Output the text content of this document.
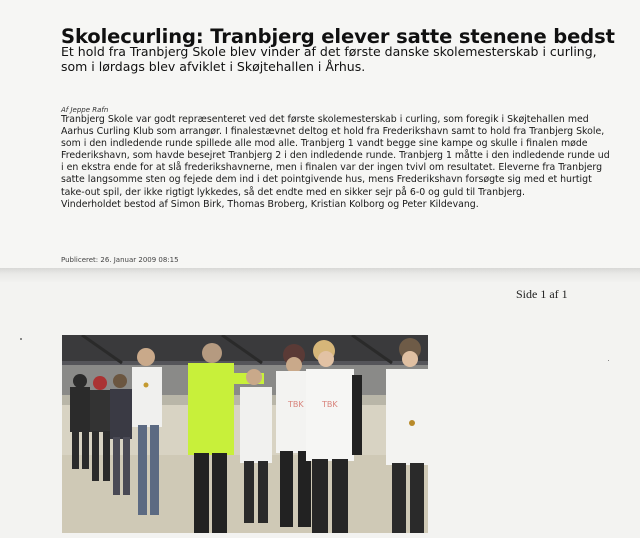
Skolecurling: Tranbjerg elever satte stenene bedst

Et hold fra Tranbjerg Skole blev vinder af det første danske skolemesterskab i curling, som i lørdags blev afviklet i Skøjtehallen i Århus.

Af Jeppe Rafn

Tranbjerg Skole var godt repræsenteret ved det første skolemesterskab i curling, som foregik i Skøjtehallen med Aarhus Curling Klub som arrangør. I finalestævnet deltog et hold fra Frederikshavn samt to hold fra Tranbjerg Skole, som i den indledende runde spillede alle mod alle. Tranbjerg 1 vandt begge sine kampe og skulle i finalen møde Frederikshavn, som havde besejret Tranbjerg 2 i den indledende runde. Tranbjerg 1 måtte i den indledende runde ud i en ekstra ende for at slå frederikshavnerne, men i finalen var der ingen tvivl om resultatet. Eleverne fra Tranbjerg satte langsomme sten og fejede dem ind i det pointgivende hus, mens Frederikshavn forsøgte sig med et hurtigt take-out spil, der ikke rigtigt lykkedes, så det endte med en sikker sejr på 6-0 og guld til Tranbjerg.

Vinderholdet bestod af Simon Birk, Thomas Broberg, Kristian Kolborg og Peter Kildevang.

Publiceret: 26. Januar 2009 08:15

Side 1 af 1

TBK TBK
